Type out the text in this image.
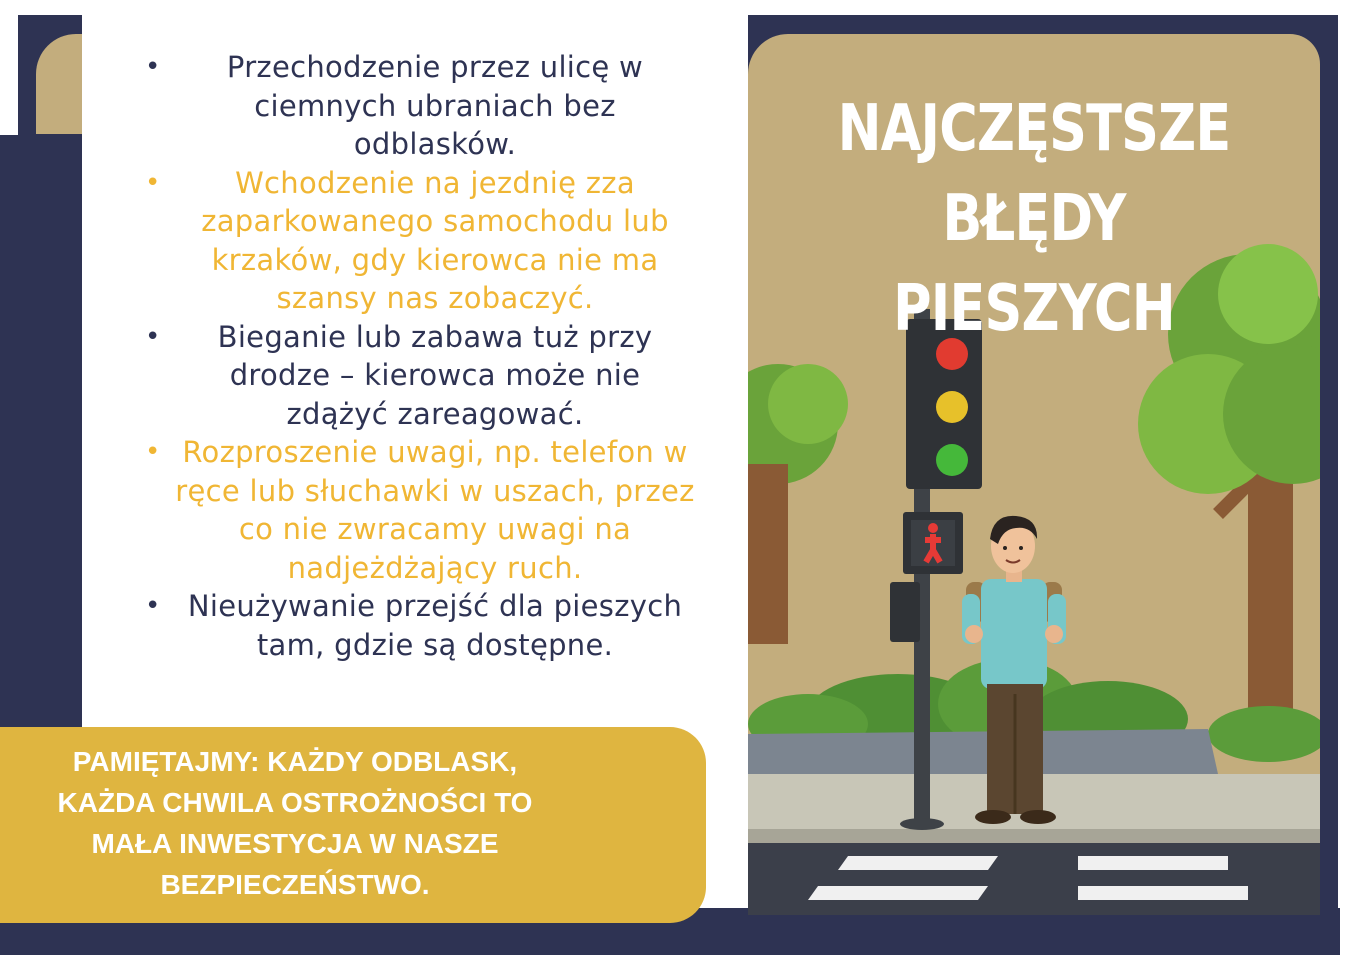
• Przechodzenie przez ulicę w ciemnych ubraniach bez odblasków.
•	Wchodzenie na jezdnię zza zaparkowanego samochodu lub krzaków, gdy kierowca nie ma szansy nas zobaczyć.
• Bieganie lub zabawa tuż przy drodze – kierowca może nie zdążyć zareagować.
• Rozproszenie uwagi, np. telefon w ręce lub słuchawki w uszach, przez co nie zwracamy uwagi na nadjeżdżający ruch.
• Nieużywanie przejść dla pieszych tam, gdzie są dostępne.
PAMIĘTAJMY: KAŻDY ODBLASK, KAŻDA CHWILA OSTROŻNOŚCI TO MAŁA INWESTYCJA W NASZE BEZPIECZEŃSTWO.
NAJCZĘSTSZE
BŁĘDY PIESZYCH
